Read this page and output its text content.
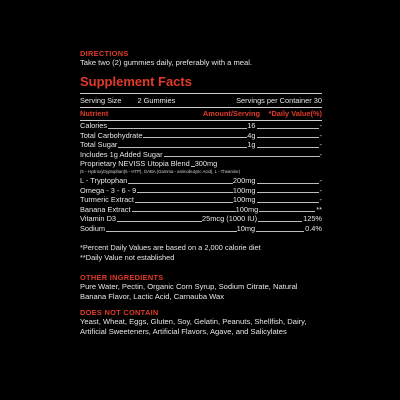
DIRECTIONS
Take two (2) gummies daily, preferably with a meal.
Supplement Facts
Serving Size 2 Gummies	Servings per Container 30
Nutrient	Amount/Serving	*Daily Value(%)
Calories	16	-
Total Carbohydrate	4g	-
Total Sugar	1g	-
Includes 1g Added Sugar	-
Proprietary NEVISS Utopia Blend 300mg
(5 - Hydroxytryptophan(5 - HTP), GABA (Gamma - aminobutyric Acid), L - Theanine)
L - Tryptophan	200mg	-
Omega - 3 - 6 - 9	100mg	-
Turmeric Extract	100mg	-
Banana Extract	100mg	**
Vitamin D3	25mcg (1000 IU)	125%
Sodium	10mg	0.4%
*Percent Daily Values are based on a 2,000 calorie diet
**Daily Value not established
OTHER INGREDIENTS
Pure Water, Pectin, Organic Corn Syrup, Sodium Citrate, Natural Banana Flavor, Lactic Acid, Carnauba Wax
DOES NOT CONTAIN
Yeast, Wheat, Eggs, Gluten, Soy, Gelatin, Peanuts, Shellfish, Dairy, Artificial Sweeteners, Artificial Flavors, Agave, and Salicylates
